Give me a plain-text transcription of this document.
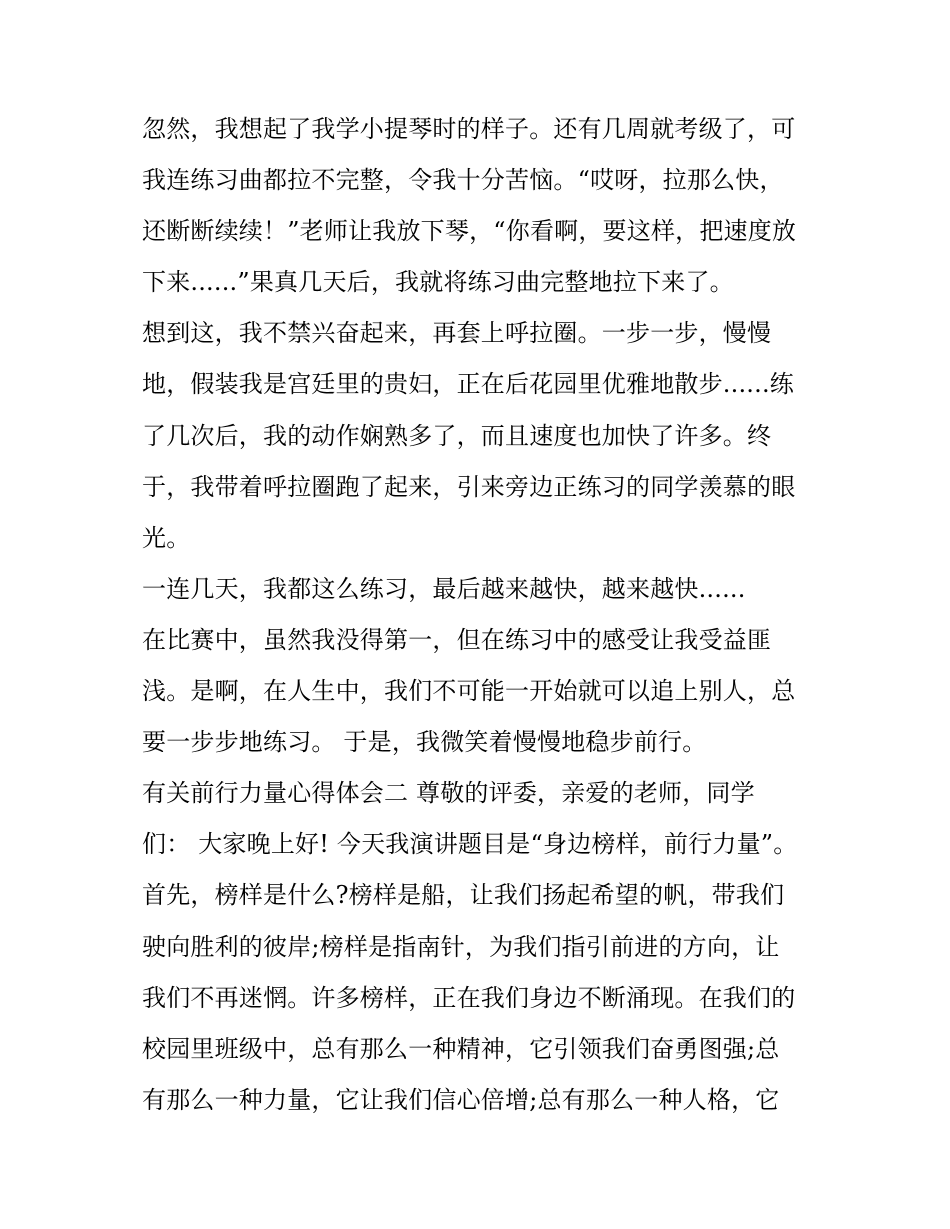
忽然，我想起了我学小提琴时的样子。还有几周就考级了，可
我连练习曲都拉不完整，令我十分苦恼。“哎呀，拉那么快，
还断断续续！”老师让我放下琴，“你看啊，要这样，把速度放
下来......”果真几天后，我就将练习曲完整地拉下来了。
想到这，我不禁兴奋起来，再套上呼拉圈。一步一步，慢慢
地，假装我是宫廷里的贵妇，正在后花园里优雅地散步......练
了几次后，我的动作娴熟多了，而且速度也加快了许多。终
于，我带着呼拉圈跑了起来，引来旁边正练习的同学羡慕的眼
光。
一连几天，我都这么练习，最后越来越快，越来越快......
在比赛中，虽然我没得第一，但在练习中的感受让我受益匪
浅。是啊，在人生中，我们不可能一开始就可以追上别人，总
要一步步地练习。 于是，我微笑着慢慢地稳步前行。
有关前行力量心得体会二 尊敬的评委，亲爱的老师，同学
们： 大家晚上好! 今天我演讲题目是“身边榜样，前行力量”。
首先，榜样是什么?榜样是船，让我们扬起希望的帆，带我们
驶向胜利的彼岸;榜样是指南针，为我们指引前进的方向，让
我们不再迷惘。许多榜样，正在我们身边不断涌现。在我们的
校园里班级中，总有那么一种精神，它引领我们奋勇图强;总
有那么一种力量，它让我们信心倍增;总有那么一种人格，它
